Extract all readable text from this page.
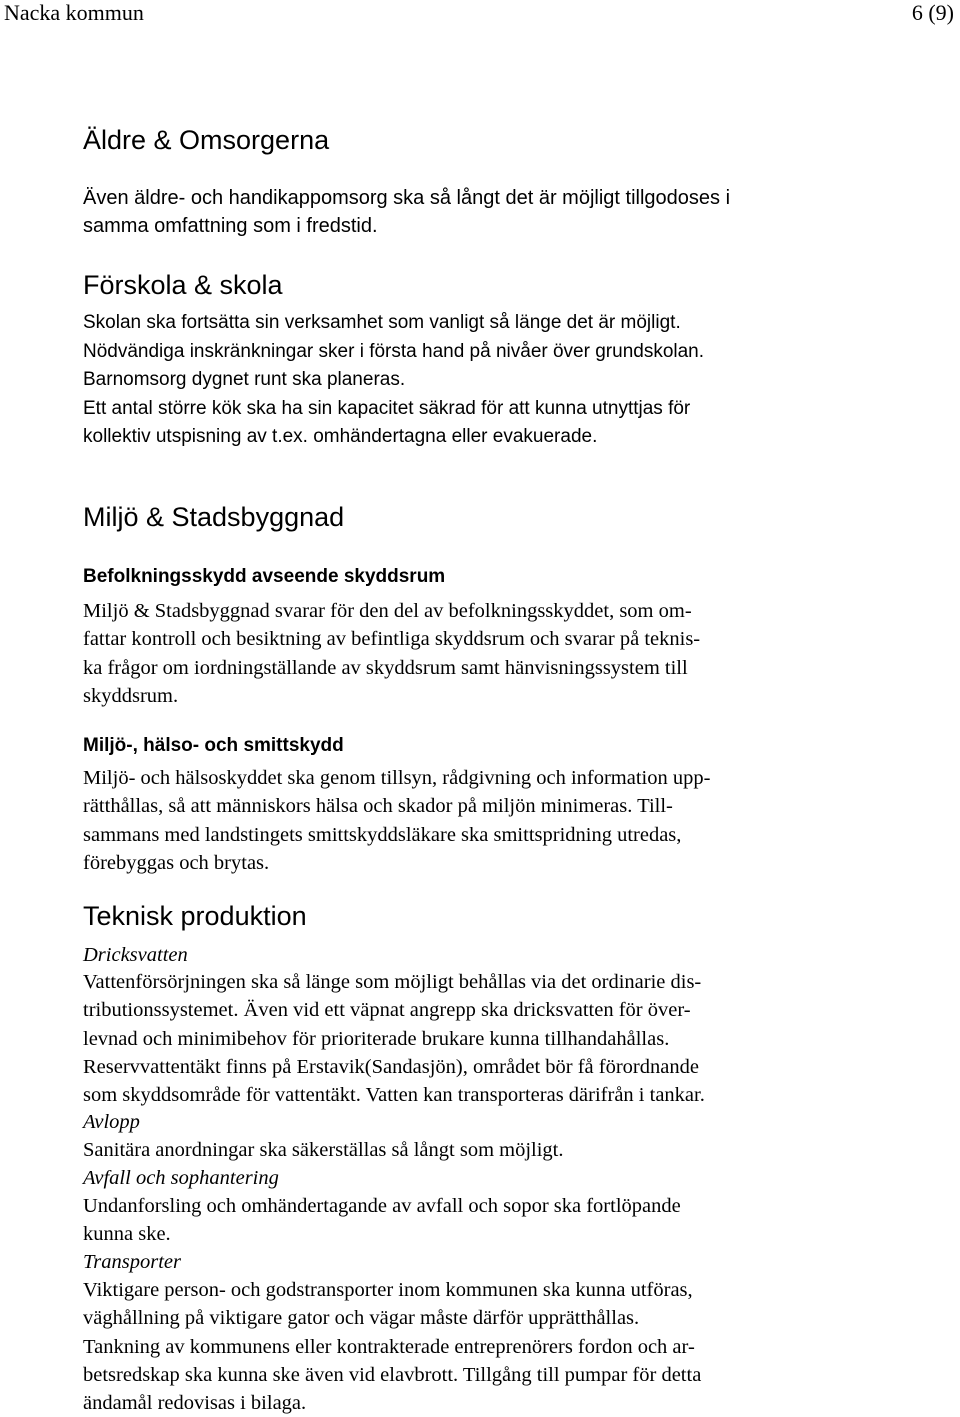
Nacka kommun	6 (9)
Äldre & Omsorgerna
Även äldre- och handikappomsorg ska så långt det är möjligt tillgodoses i
samma omfattning som i fredstid.
Förskola & skola
Skolan ska fortsätta sin verksamhet som vanligt så länge det är möjligt.
Nödvändiga inskränkningar sker i första hand på nivåer över grundskolan.
Barnomsorg dygnet runt ska planeras.
Ett antal större kök ska ha sin kapacitet säkrad för att kunna utnyttjas för
kollektiv utspisning av t.ex. omhändertagna eller evakuerade.
Miljö & Stadsbyggnad
Befolkningsskydd avseende skyddsrum
Miljö & Stadsbyggnad svarar för den del av befolkningsskyddet, som om-
fattar kontroll och besiktning av befintliga skyddsrum och svarar på teknis-
ka frågor om iordningställande av skyddsrum samt hänvisningssystem till
skyddsrum.
Miljö-, hälso- och smittskydd
Miljö- och hälsoskyddet ska genom tillsyn, rådgivning och information upp-
rätthållas, så att människors hälsa och skador på miljön minimeras. Till-
sammans med landstingets smittskyddsläkare ska smittspridning utredas,
förebyggas och brytas.
Teknisk produktion
Dricksvatten
Vattenförsörjningen ska så länge som möjligt behållas via det ordinarie dis-
tributionssystemet. Även vid ett väpnat angrepp ska dricksvatten för över-
levnad och minimibehov för prioriterade brukare kunna tillhandahållas.
Reservvattentäkt finns på Erstavik(Sandasjön), området bör få förordnande
som skyddsområde för vattentäkt. Vatten kan transporteras därifrån i tankar.
Avlopp
Sanitära anordningar ska säkerställas så långt som möjligt.
Avfall och sophantering
Undanforsling och omhändertagande av avfall och sopor ska fortlöpande
kunna ske.
Transporter
Viktigare person- och godstransporter inom kommunen ska kunna utföras,
väghållning på viktigare gator och vägar måste därför upprätthållas.
Tankning av kommunens eller kontrakterade entreprenörers fordon och ar-
betsredskap ska kunna ske även vid elavbrott. Tillgång till pumpar för detta
ändamål redovisas i bilaga.
